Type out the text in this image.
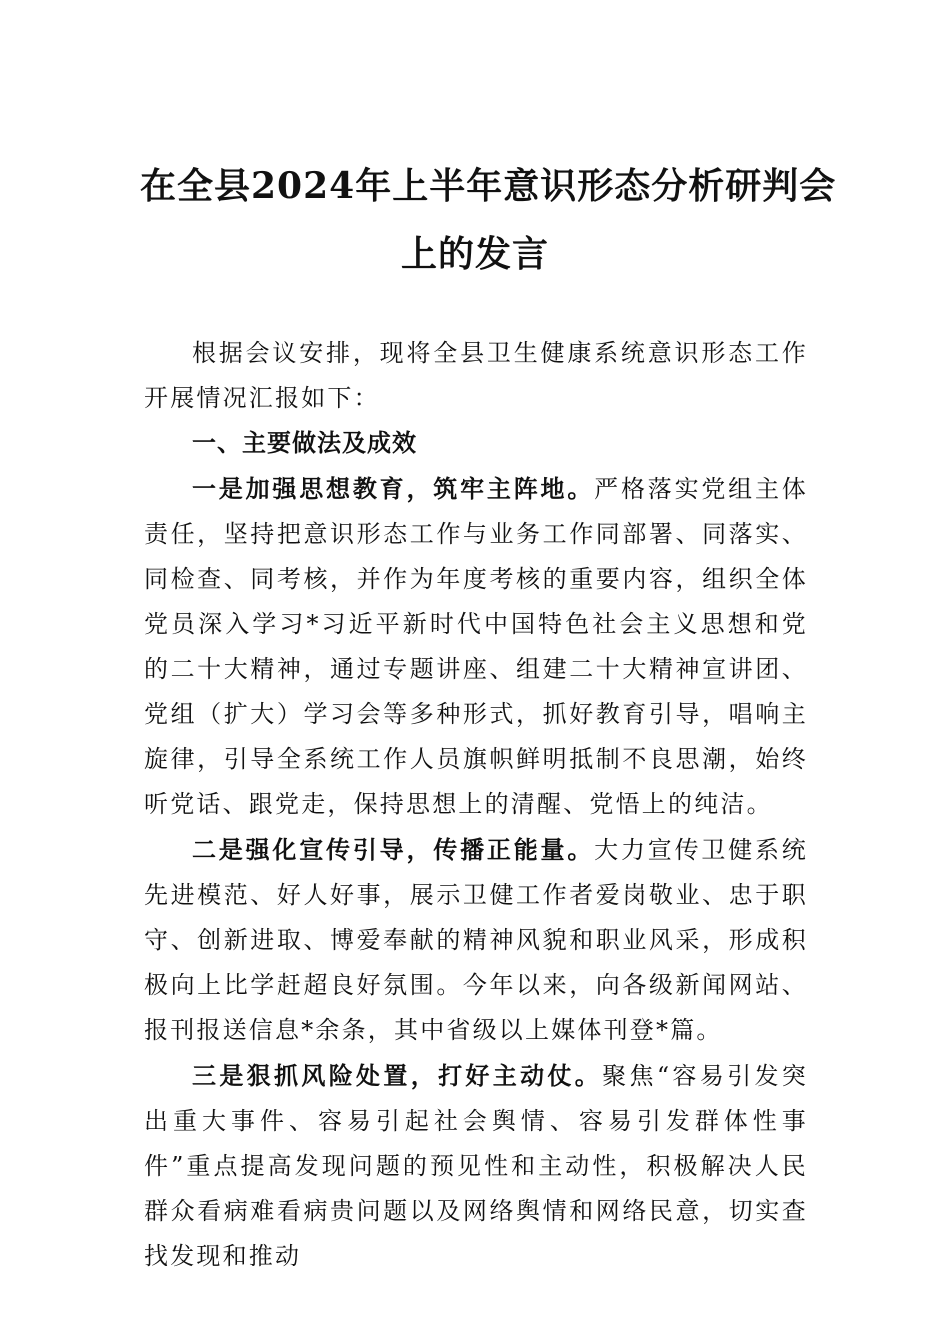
在全县2024年上半年意识形态分析研判会
上的发言

根据会议安排，现将全县卫生健康系统意识形态工作开展情况汇报如下：

一、主要做法及成效

一是加强思想教育，筑牢主阵地。严格落实党组主体责任，坚持把意识形态工作与业务工作同部署、同落实、同检查、同考核，并作为年度考核的重要内容，组织全体党员深入学习*习近平新时代中国特色社会主义思想和党的二十大精神，通过专题讲座、组建二十大精神宣讲团、党组（扩大）学习会等多种形式，抓好教育引导，唱响主旋律，引导全系统工作人员旗帜鲜明抵制不良思潮，始终听党话、跟党走，保持思想上的清醒、党悟上的纯洁。

二是强化宣传引导，传播正能量。大力宣传卫健系统先进模范、好人好事，展示卫健工作者爱岗敬业、忠于职守、创新进取、博爱奉献的精神风貌和职业风采，形成积极向上比学赶超良好氛围。今年以来，向各级新闻网站、报刊报送信息*余条，其中省级以上媒体刊登*篇。

三是狠抓风险处置，打好主动仗。聚焦“容易引发突出重大事件、容易引起社会舆情、容易引发群体性事件”重点提高发现问题的预见性和主动性，积极解决人民群众看病难看病贵问题以及网络舆情和网络民意，切实查找发现和推动
